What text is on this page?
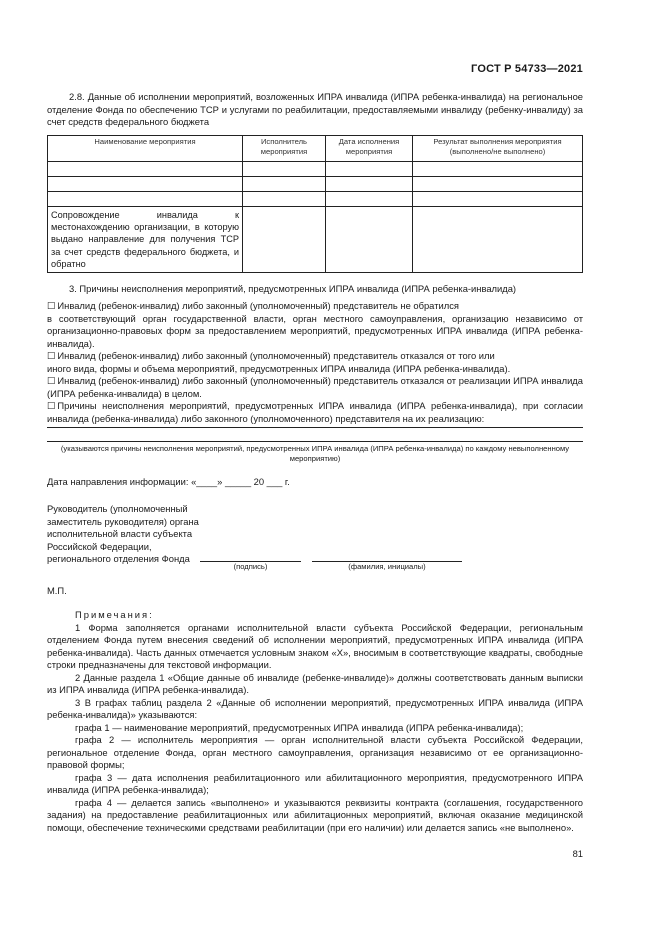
ГОСТ Р 54733—2021
2.8. Данные об исполнении мероприятий, возложенных ИПРА инвалида (ИПРА ребенка-инвалида) на региональное отделение Фонда по обеспечению ТСР и услугами по реабилитации, предоставляемыми инвалиду (ребенку-инвалиду) за счет средств федерального бюджета
Наименование мероприятия	Исполнитель мероприятия	Дата исполнения мероприятия	Результат выполнения мероприятия (выполнено/не выполнено)

Сопровождение инвалида к местонахождению организации, в которую выдано направление для получения ТСР за счет средств федерального бюджета, и обратно			
3. Причины неисполнения мероприятий, предусмотренных ИПРА инвалида (ИПРА ребенка-инвалида)
☐ Инвалид (ребенок-инвалид) либо законный (уполномоченный) представитель не обратился
в соответствующий орган государственной власти, орган местного самоуправления, организацию независимо от организационно-правовых форм за предоставлением мероприятий, предусмотренных ИПРА инвалида (ИПРА ребенка-инвалида).
☐ Инвалид (ребенок-инвалид) либо законный (уполномоченный) представитель отказался от того или
иного вида, формы и объема мероприятий, предусмотренных ИПРА инвалида (ИПРА ребенка-инвалида).
☐ Инвалид (ребенок-инвалид) либо законный (уполномоченный) представитель отказался от реализации ИПРА инвалида (ИПРА ребенка-инвалида) в целом.
☐ Причины неисполнения мероприятий, предусмотренных ИПРА инвалида (ИПРА ребенка-инвалида), при согласии инвалида (ребенка-инвалида) либо законного (уполномоченного) представителя на их реализацию:
(указываются причины неисполнения мероприятий, предусмотренных ИПРА инвалида (ИПРА ребенка-инвалида) по каждому невыполненному мероприятию)
Дата направления информации: «____» _____ 20 ___ г.
Руководитель (уполномоченный
заместитель руководителя) органа
исполнительной власти субъекта
Российской Федерации,
регионального отделения Фонда
(подпись)	(фамилия, инициалы)
М.П.

Примечания:

1 Форма заполняется органами исполнительной власти субъекта Российской Федерации, региональным отделением Фонда путем внесения сведений об исполнении мероприятий, предусмотренных ИПРА инвалида (ИПРА ребенка-инвалида). Часть данных отмечается условным знаком «X», вносимым в соответствующие квадраты, свободные строки предназначены для текстовой информации.

2 Данные раздела 1 «Общие данные об инвалиде (ребенке-инвалиде)» должны соответствовать данным выписки из ИПРА инвалида (ИПРА ребенка-инвалида).

3 В графах таблиц раздела 2 «Данные об исполнении мероприятий, предусмотренных ИПРА инвалида (ИПРА ребенка-инвалида)» указываются:

графа 1 — наименование мероприятий, предусмотренных ИПРА инвалида (ИПРА ребенка-инвалида);

графа 2 — исполнитель мероприятия — орган исполнительной власти субъекта Российской Федерации, региональное отделение Фонда, орган местного самоуправления, организация независимо от ее организационно-правовой формы;

графа 3 — дата исполнения реабилитационного или абилитационного мероприятия, предусмотренного ИПРА инвалида (ИПРА ребенка-инвалида);

графа 4 — делается запись «выполнено» и указываются реквизиты контракта (соглашения, государственного задания) на предоставление реабилитационных или абилитационных мероприятий, включая оказание медицинской помощи, обеспечение техническими средствами реабилитации (при его наличии) или делается запись «не выполнено».

81
